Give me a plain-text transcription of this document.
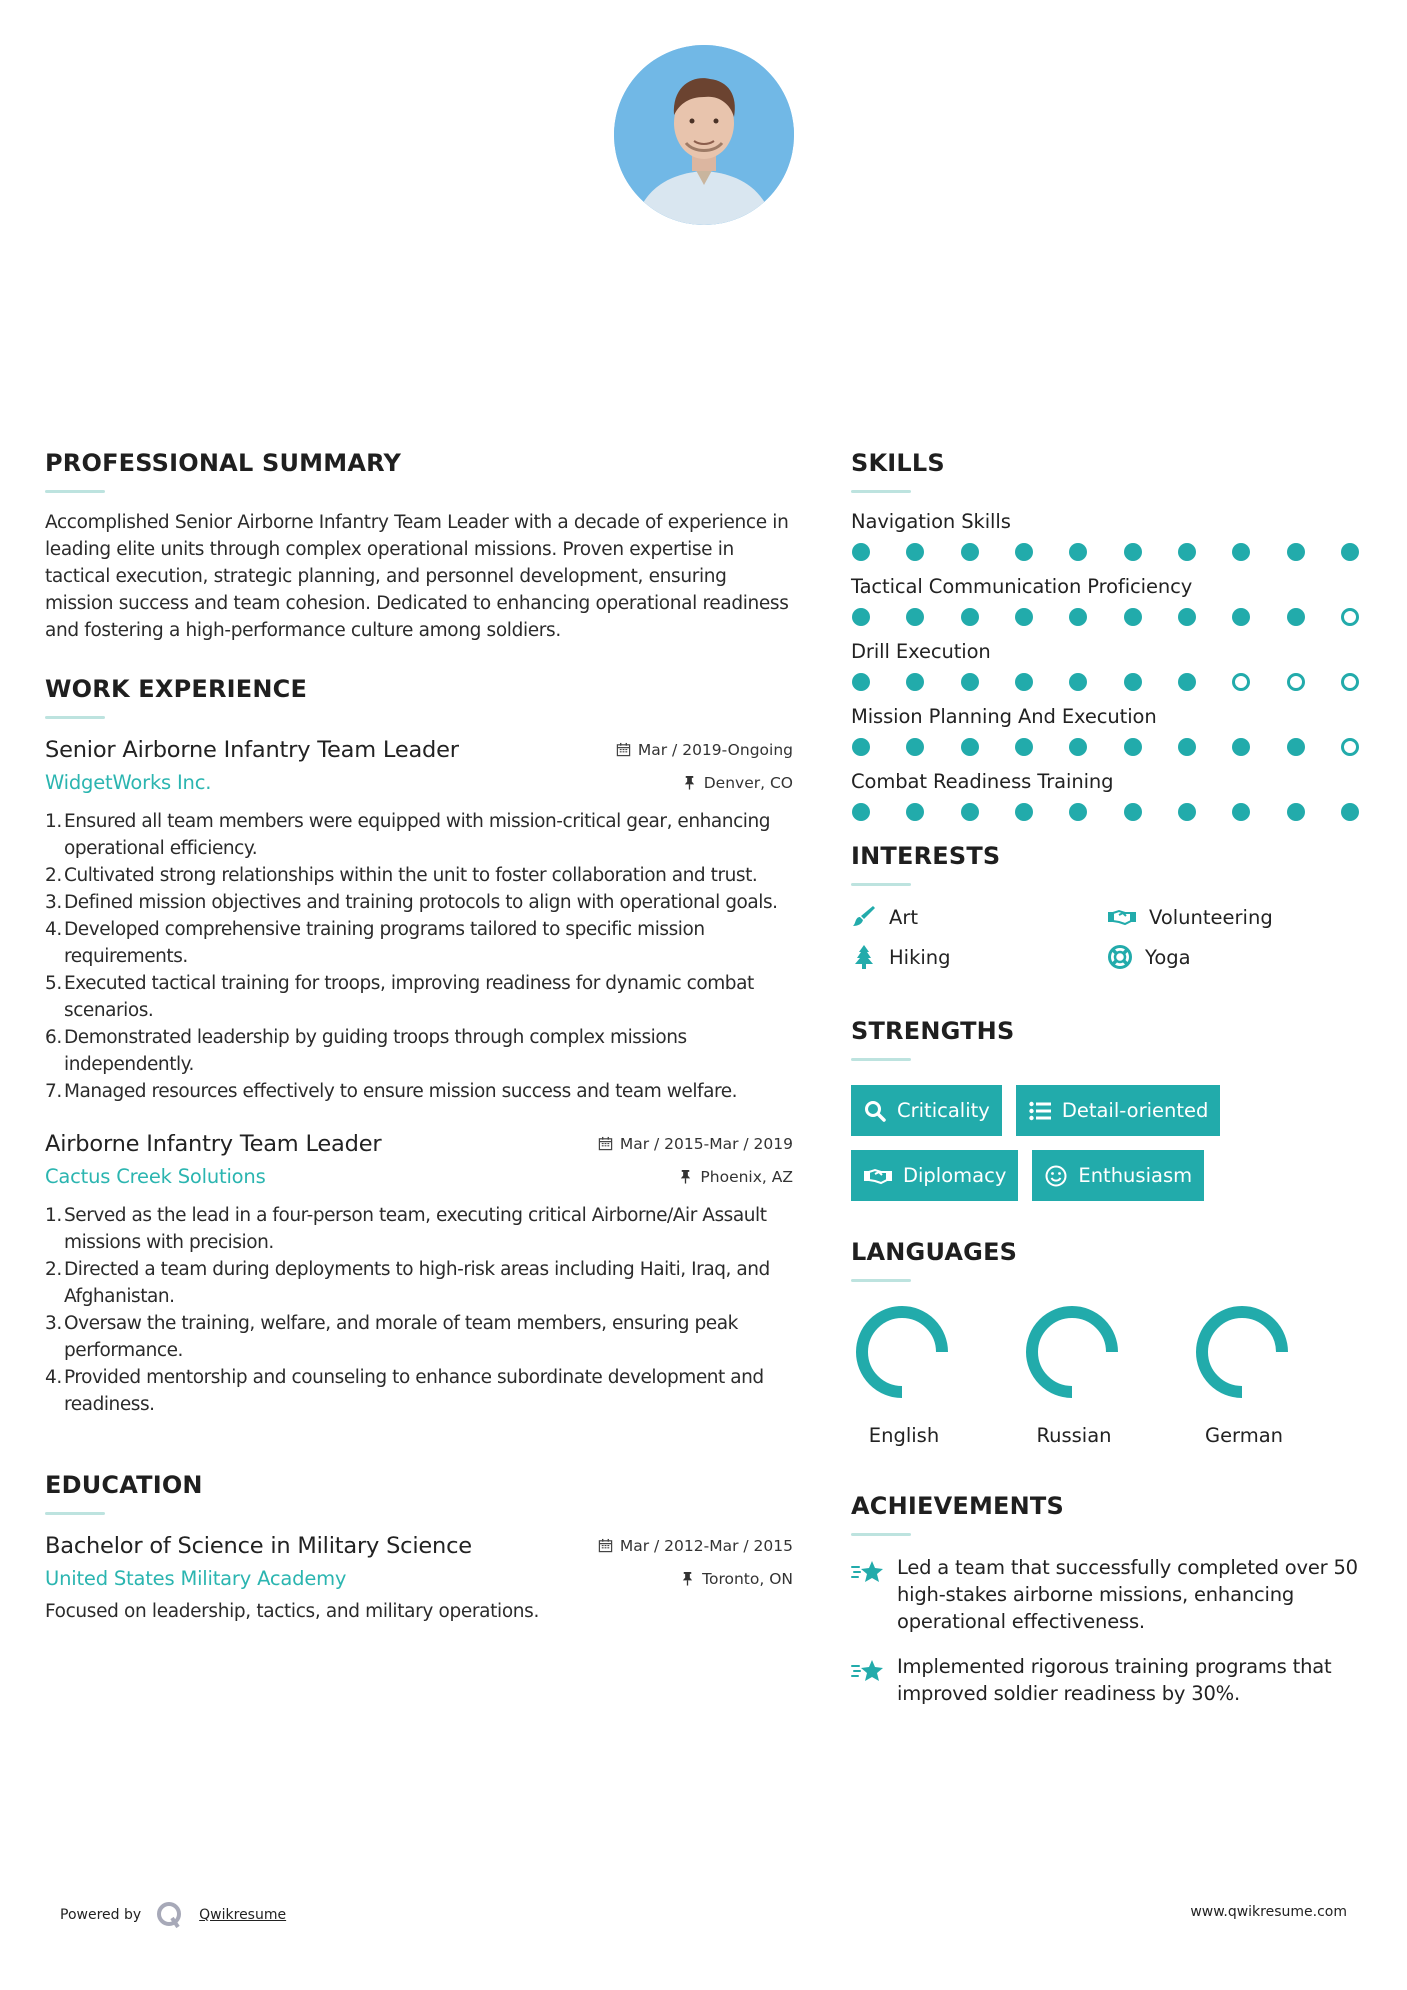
PROFESSIONAL SUMMARY

Accomplished Senior Airborne Infantry Team Leader with a decade of experience in leading elite units through complex operational missions. Proven expertise in tactical execution, strategic planning, and personnel development, ensuring mission success and team cohesion. Dedicated to enhancing operational readiness and fostering a high-performance culture among soldiers.

WORK EXPERIENCE
Senior Airborne Infantry Team Leader	Mar / 2019-Ongoing
WidgetWorks Inc.	Denver, CO
1. Ensured all team members were equipped with mission-critical gear, enhancing operational efficiency.
2. Cultivated strong relationships within the unit to foster collaboration and trust.
3. Defined mission objectives and training protocols to align with operational goals.
4. Developed comprehensive training programs tailored to specific mission requirements.
5. Executed tactical training for troops, improving readiness for dynamic combat scenarios.
6. Demonstrated leadership by guiding troops through complex missions independently.
7. Managed resources effectively to ensure mission success and team welfare.
Airborne Infantry Team Leader	Mar / 2015-Mar / 2019
Cactus Creek Solutions	Phoenix, AZ
1. Served as the lead in a four-person team, executing critical Airborne/Air Assault missions with precision.
2. Directed a team during deployments to high-risk areas including Haiti, Iraq, and Afghanistan.
3. Oversaw the training, welfare, and morale of team members, ensuring peak performance.
4. Provided mentorship and counseling to enhance subordinate development and readiness.
EDUCATION
Bachelor of Science in Military Science	Mar / 2012-Mar / 2015
United States Military Academy	Toronto, ON

Focused on leadership, tactics, and military operations.

SKILLS
Navigation Skills
Tactical Communication Proficiency
Drill Execution
Mission Planning And Execution
Combat Readiness Training
INTERESTS
Art	Volunteering
Hiking	Yoga
STRENGTHS
Criticality	Detail-oriented
Diplomacy	Enthusiasm
LANGUAGES
English	Russian	German
ACHIEVEMENTS
Led a team that successfully completed over 50 high-stakes airborne missions, enhancing operational effectiveness.
Implemented rigorous training programs that improved soldier readiness by 30%.
Powered by	Qwikresume	www.qwikresume.com
